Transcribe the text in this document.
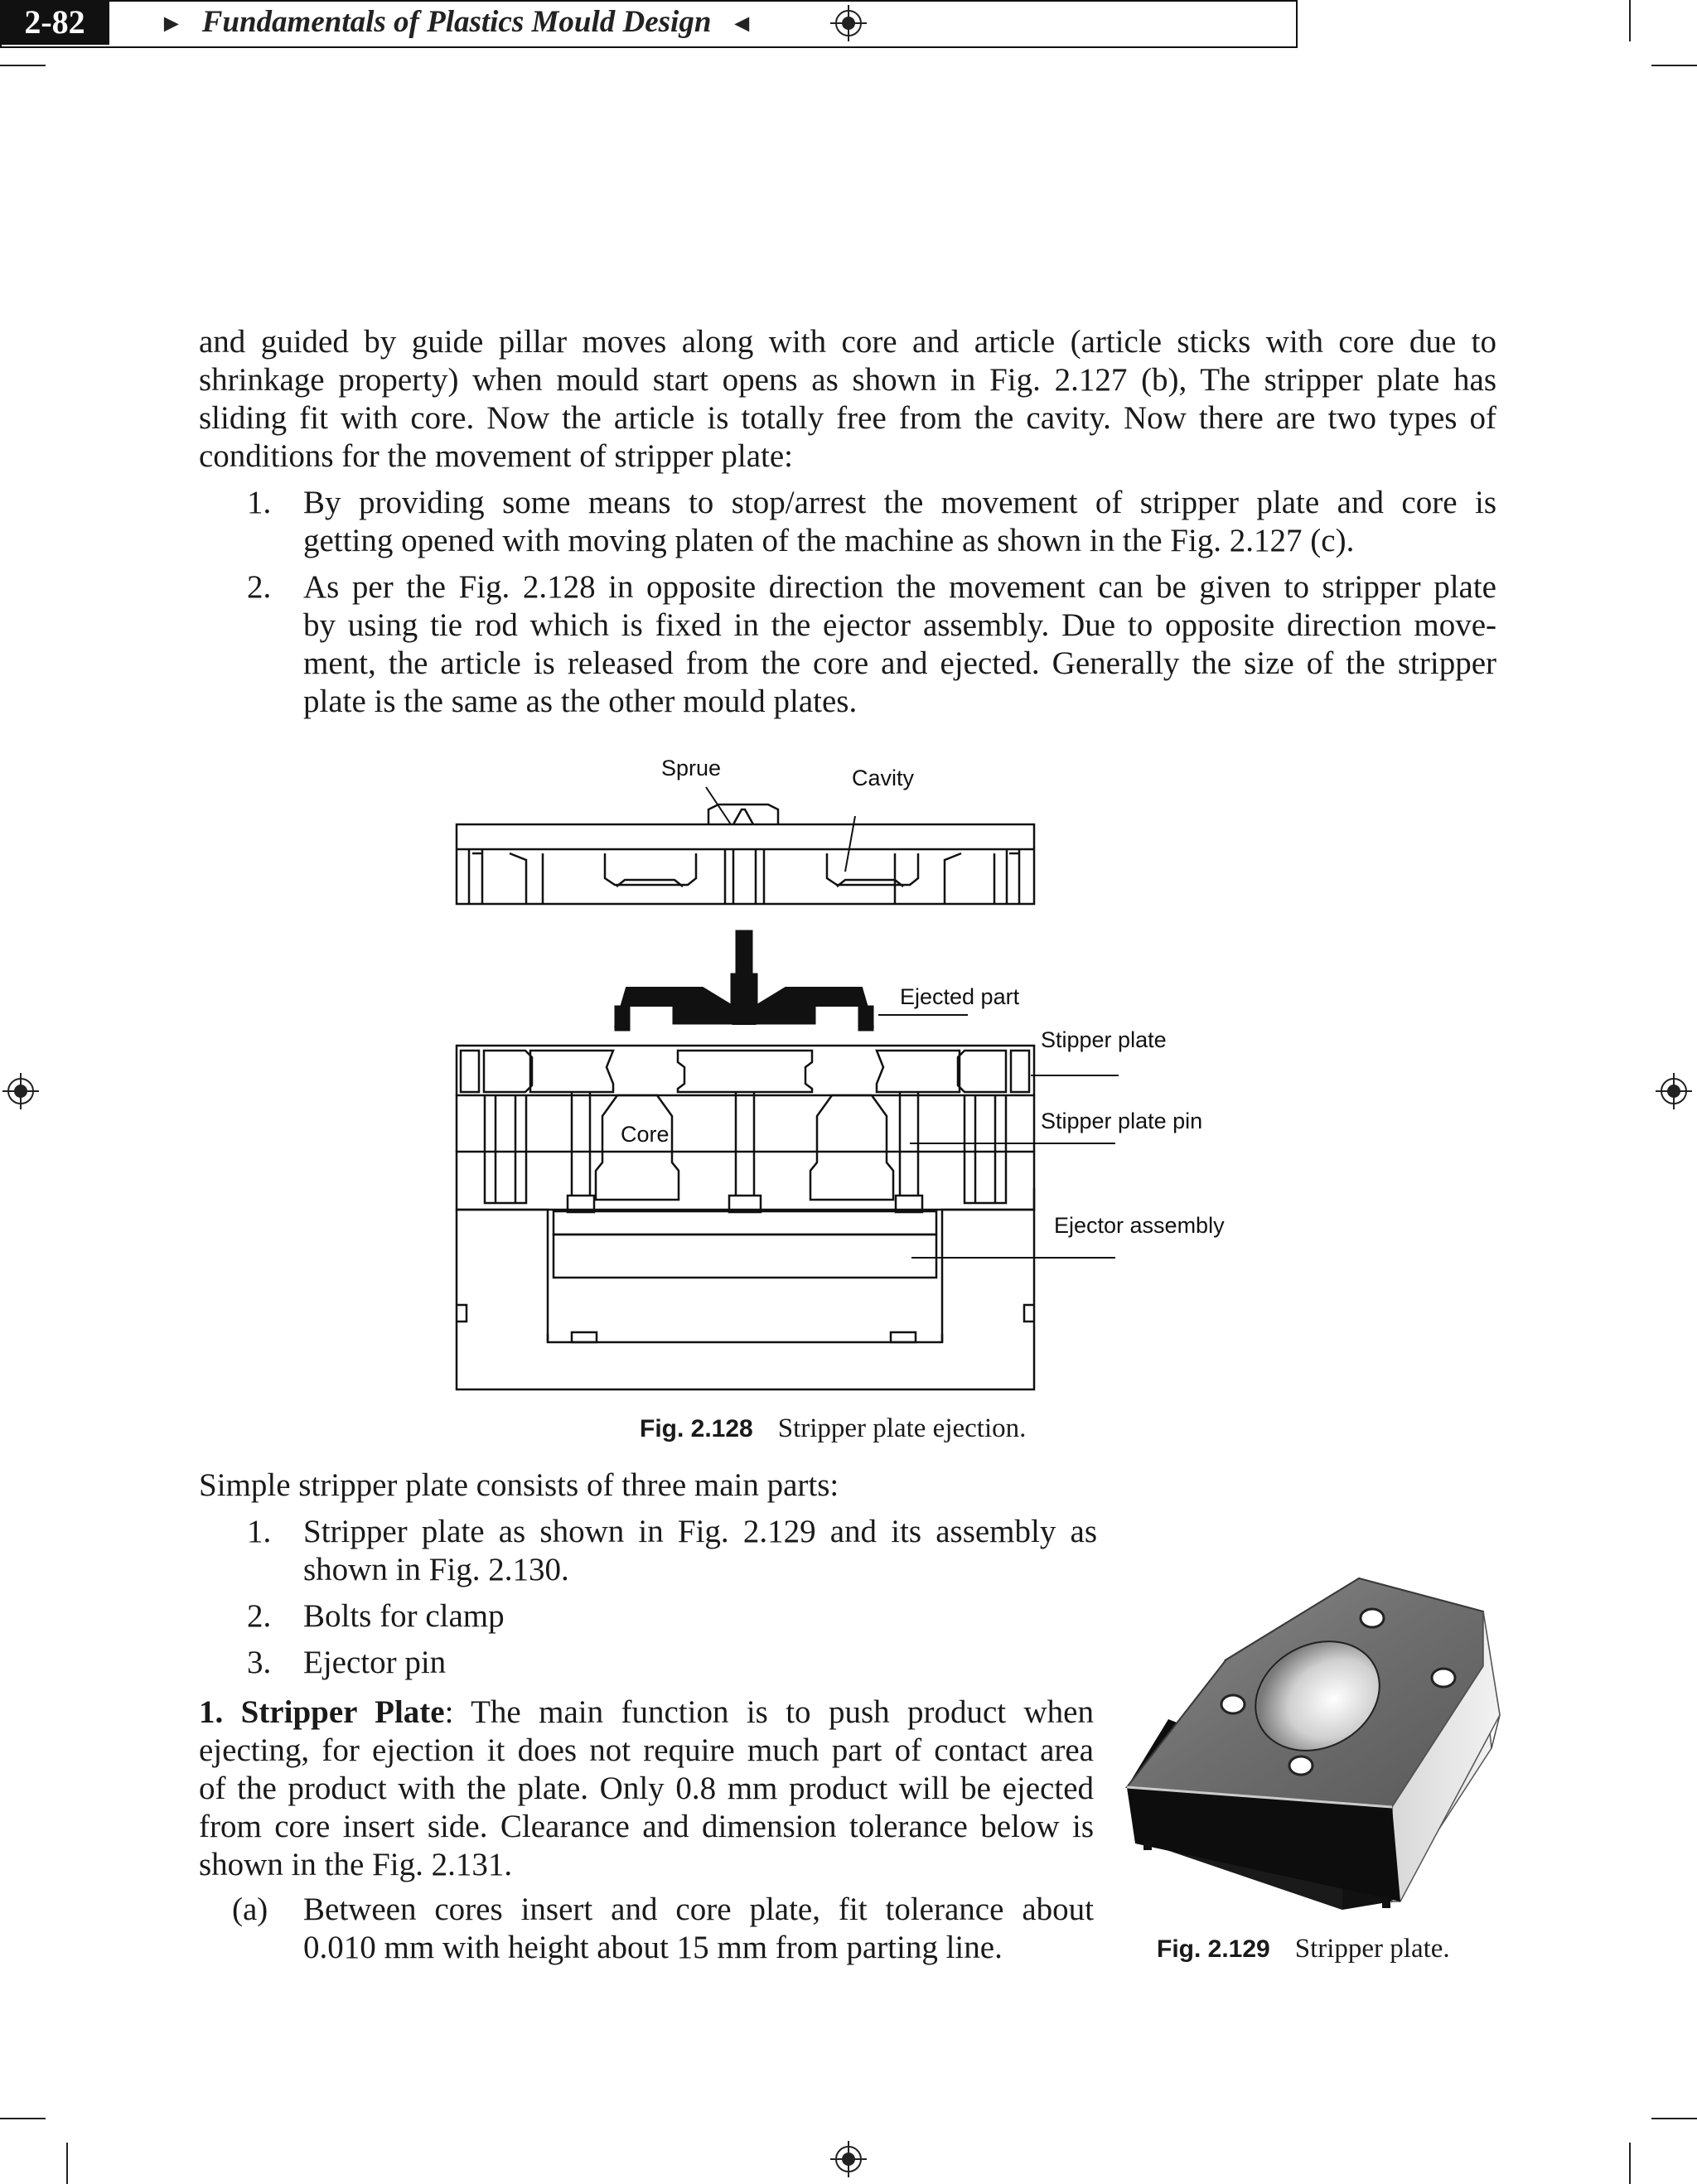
2-82	► Fundamentals of Plastics Mould Design ◄
and guided by guide pillar moves along with core and article (article sticks with core due to
shrinkage property) when mould start opens as shown in Fig. 2.127 (b), The stripper plate has
sliding fit with core. Now the article is totally free from the cavity. Now there are two types of
conditions for the movement of stripper plate:
1. By providing some means to stop/arrest the movement of stripper plate and core is
getting opened with moving platen of the machine as shown in the Fig. 2.127 (c).
2. As per the Fig. 2.128 in opposite direction the movement can be given to stripper plate
by using tie rod which is fixed in the ejector assembly. Due to opposite direction move-
ment, the article is released from the core and ejected. Generally the size of the stripper
plate is the same as the other mould plates.
Sprue	Cavity
Ejected part
Stipper plate
Stipper plate pin
Core
Ejector assembly
Fig. 2.128 Stripper plate ejection.
Simple stripper plate consists of three main parts:
1. Stripper plate as shown in Fig. 2.129 and its assembly as
shown in Fig. 2.130.
2. Bolts for clamp
3. Ejector pin
1. Stripper Plate: The main function is to push product when
ejecting, for ejection it does not require much part of contact area
of the product with the plate. Only 0.8 mm product will be ejected
from core insert side. Clearance and dimension tolerance below is
shown in the Fig. 2.131.
(a) Between cores insert and core plate, fit tolerance about
0.010 mm with height about 15 mm from parting line.	Fig. 2.129 Stripper plate.
